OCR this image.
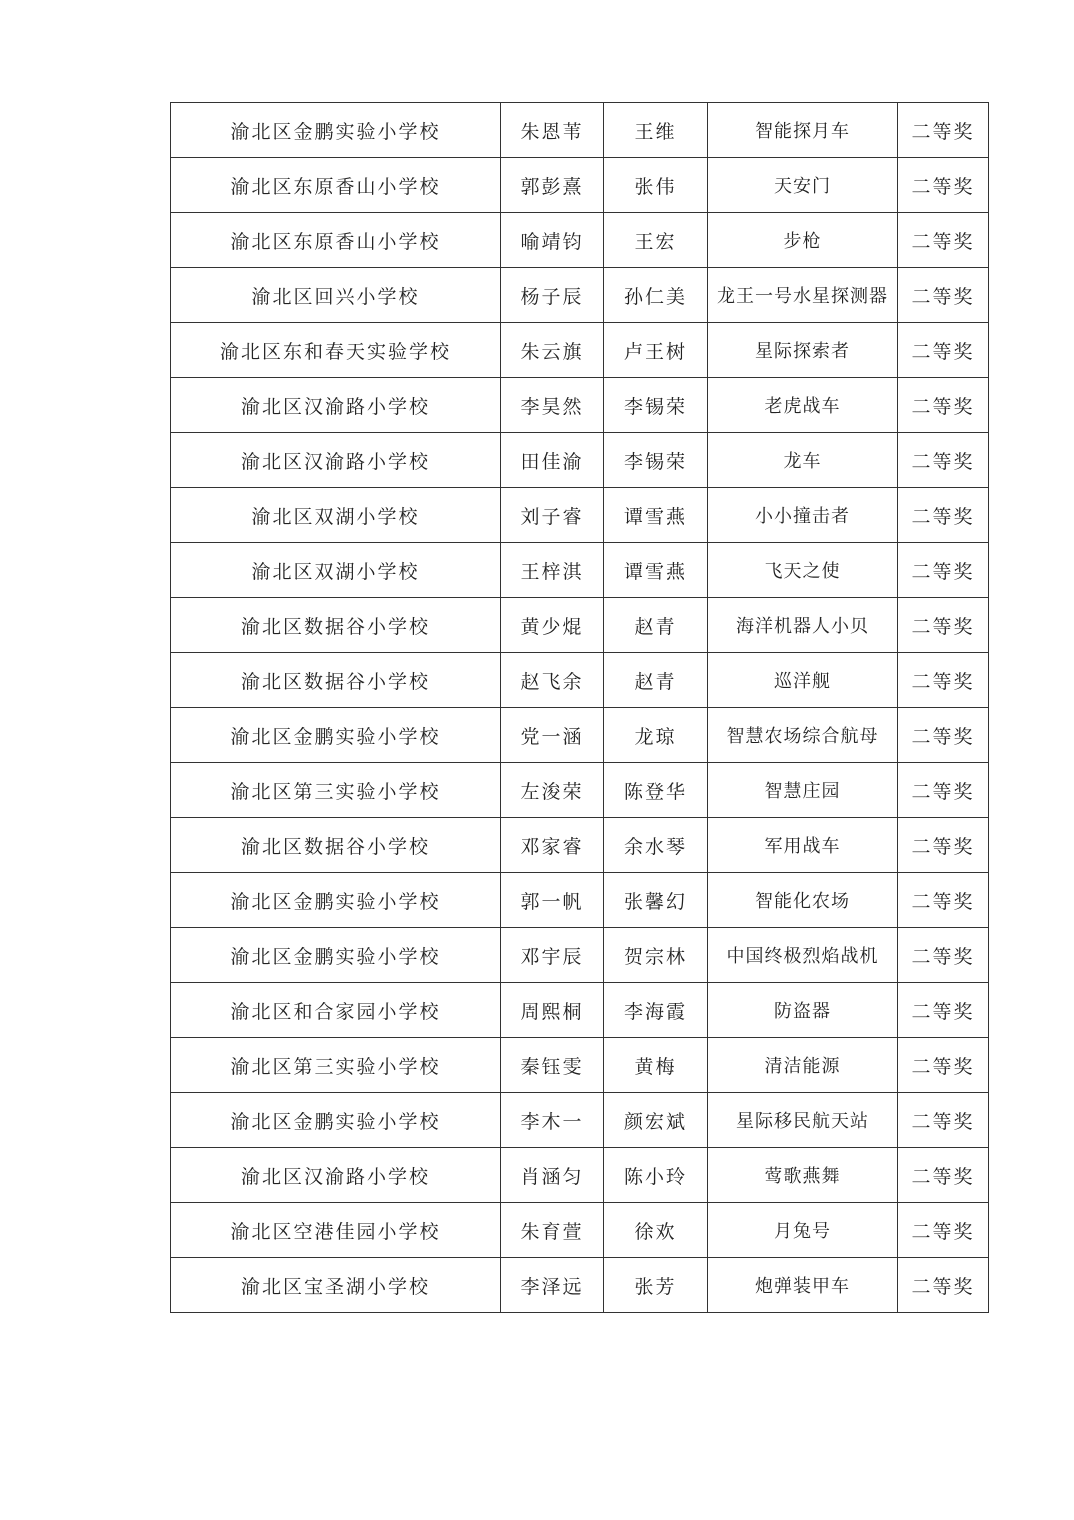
渝北区金鹏实验小学校	朱恩苇	王维	智能探月车	二等奖
渝北区东原香山小学校	郭彭熹	张伟	天安门	二等奖
渝北区东原香山小学校	喻靖钧	王宏	步枪	二等奖
渝北区回兴小学校	杨子辰	孙仁美	龙王一号水星探测器	二等奖
渝北区东和春天实验学校	朱云旗	卢王树	星际探索者	二等奖
渝北区汉渝路小学校	李昊然	李锡荣	老虎战车	二等奖
渝北区汉渝路小学校	田佳渝	李锡荣	龙车	二等奖
渝北区双湖小学校	刘子睿	谭雪燕	小小撞击者	二等奖
渝北区双湖小学校	王梓淇	谭雪燕	飞天之使	二等奖
渝北区数据谷小学校	黄少焜	赵青	海洋机器人小贝	二等奖
渝北区数据谷小学校	赵飞余	赵青	巡洋舰	二等奖
渝北区金鹏实验小学校	党一涵	龙琼	智慧农场综合航母	二等奖
渝北区第三实验小学校	左浚荣	陈登华	智慧庄园	二等奖
渝北区数据谷小学校	邓家睿	余水琴	军用战车	二等奖
渝北区金鹏实验小学校	郭一帆	张馨幻	智能化农场	二等奖
渝北区金鹏实验小学校	邓宇辰	贺宗林	中国终极烈焰战机	二等奖
渝北区和合家园小学校	周熙桐	李海霞	防盗器	二等奖
渝北区第三实验小学校	秦钰雯	黄梅	清洁能源	二等奖
渝北区金鹏实验小学校	李木一	颜宏斌	星际移民航天站	二等奖
渝北区汉渝路小学校	肖涵匀	陈小玲	莺歌燕舞	二等奖
渝北区空港佳园小学校	朱育萱	徐欢	月兔号	二等奖
渝北区宝圣湖小学校	李泽远	张芳	炮弹装甲车	二等奖
